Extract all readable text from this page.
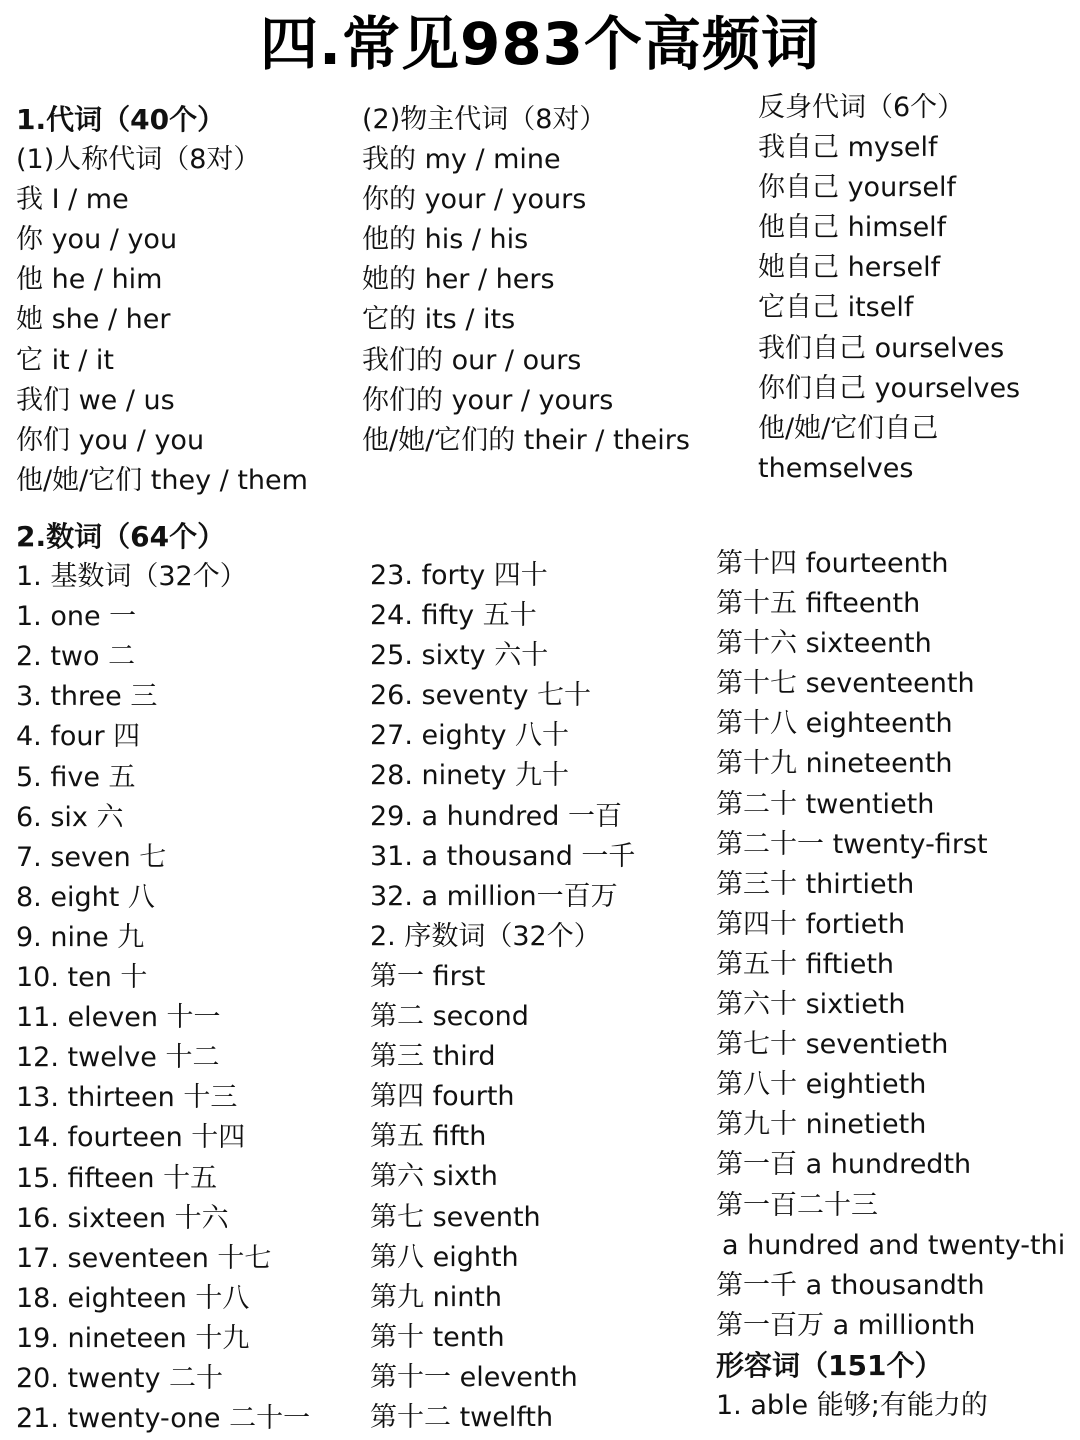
四.常见983个高频词
1.代词（40个）
(1)人称代词（8对）
我 I / me
你 you / you
他 he / him
她 she / her
它 it / it
我们 we / us
你们 you / you
他/她/它们 they / them
(2)物主代词（8对）
我的 my / mine
你的 your / yours
他的 his / his
她的 her / hers
它的 its / its
我们的 our / ours
你们的 your / yours
他/她/它们的 their / theirs
反身代词（6个）
我自己 myself
你自己 yourself
他自己 himself
她自己 herself
它自己 itself
我们自己 ourselves
你们自己 yourselves
他/她/它们自己
themselves
2.数词（64个）
1. 基数词（32个）
1. one 一
2. two 二
3. three 三
4. four 四
5. five 五
6. six 六
7. seven 七
8. eight 八
9. nine 九
10. ten 十
11. eleven 十一
12. twelve 十二
13. thirteen 十三
14. fourteen 十四
15. fifteen 十五
16. sixteen 十六
17. seventeen 十七
18. eighteen 十八
19. nineteen 十九
20. twenty 二十
21. twenty-one 二十一
23. forty 四十
24. fifty 五十
25. sixty 六十
26. seventy 七十
27. eighty 八十
28. ninety 九十
29. a hundred 一百
31. a thousand 一千
32. a million一百万
2. 序数词（32个）
第一 first
第二 second
第三 third
第四 fourth
第五 fifth
第六 sixth
第七 seventh
第八 eighth
第九 ninth
第十 tenth
第十一 eleventh
第十二 twelfth
第十四 fourteenth
第十五 fifteenth
第十六 sixteenth
第十七 seventeenth
第十八 eighteenth
第十九 nineteenth
第二十 twentieth
第二十一 twenty-first
第三十 thirtieth
第四十 fortieth
第五十 fiftieth
第六十 sixtieth
第七十 seventieth
第八十 eightieth
第九十 ninetieth
第一百 a hundredth
第一百二十三
a hundred and twenty-thi
第一千 a thousandth
第一百万 a millionth
形容词（151个）
1. able 能够;有能力的
